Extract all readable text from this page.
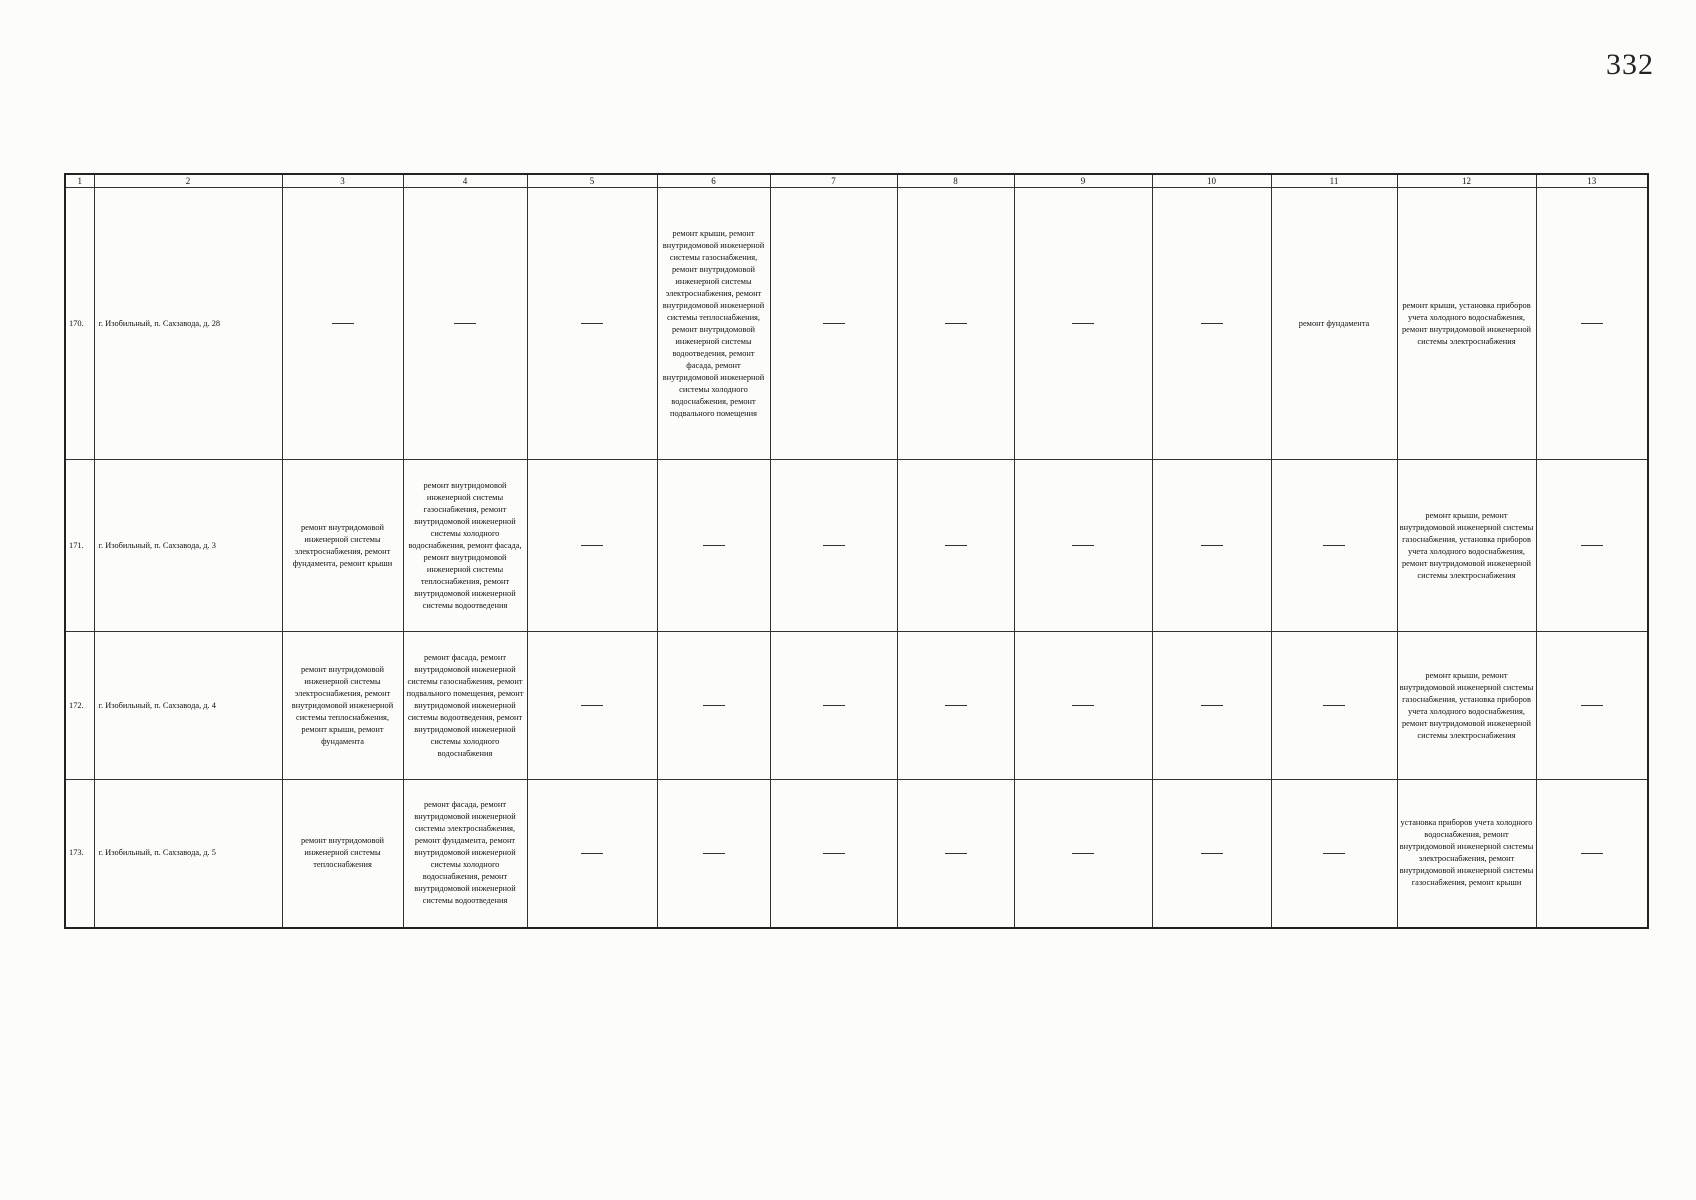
332
1	2	3	4	5	6	7	8	9	10	11	12	13
170.	г. Изобильный, п. Сахзавода, д. 28				ремонт крыши, ремонт внутридомовой инженерной системы газоснабжения, ремонт внутридомовой инженерной системы электроснабжения, ремонт внутридомовой инженерной системы теплоснабжения, ремонт внутридомовой инженерной системы водоотведения, ремонт фасада, ремонт внутридомовой инженерной системы холодного водоснабжения, ремонт подвального помещения					ремонт фундамента	ремонт крыши, установка приборов учета холодного водоснабжения, ремонт внутридомовой инженерной системы электроснабжения	
171.	г. Изобильный, п. Сахзавода, д. 3	ремонт внутридомовой инженерной системы электроснабжения, ремонт фундамента, ремонт крыши	ремонт внутридомовой инженерной системы газоснабжения, ремонт внутридомовой инженерной системы холодного водоснабжения, ремонт фасада, ремонт внутридомовой инженерной системы теплоснабжения, ремонт внутридомовой инженерной системы водоотведения								ремонт крыши, ремонт внутридомовой инженерной системы газоснабжения, установка приборов учета холодного водоснабжения, ремонт внутридомовой инженерной системы электроснабжения	
172.	г. Изобильный, п. Сахзавода, д. 4	ремонт внутридомовой инженерной системы электроснабжения, ремонт внутридомовой инженерной системы теплоснабжения, ремонт крыши, ремонт фундамента	ремонт фасада, ремонт внутридомовой инженерной системы газоснабжения, ремонт подвального помещения, ремонт внутридомовой инженерной системы водоотведения, ремонт внутридомовой инженерной системы холодного водоснабжения								ремонт крыши, ремонт внутридомовой инженерной системы газоснабжения, установка приборов учета холодного водоснабжения, ремонт внутридомовой инженерной системы электроснабжения	
173.	г. Изобильный, п. Сахзавода, д. 5	ремонт внутридомовой инженерной системы теплоснабжения	ремонт фасада, ремонт внутридомовой инженерной системы электроснабжения, ремонт фундамента, ремонт внутридомовой инженерной системы холодного водоснабжения, ремонт внутридомовой инженерной системы водоотведения								установка приборов учета холодного водоснабжения, ремонт внутридомовой инженерной системы электроснабжения, ремонт внутридомовой инженерной системы газоснабжения, ремонт крыши	
